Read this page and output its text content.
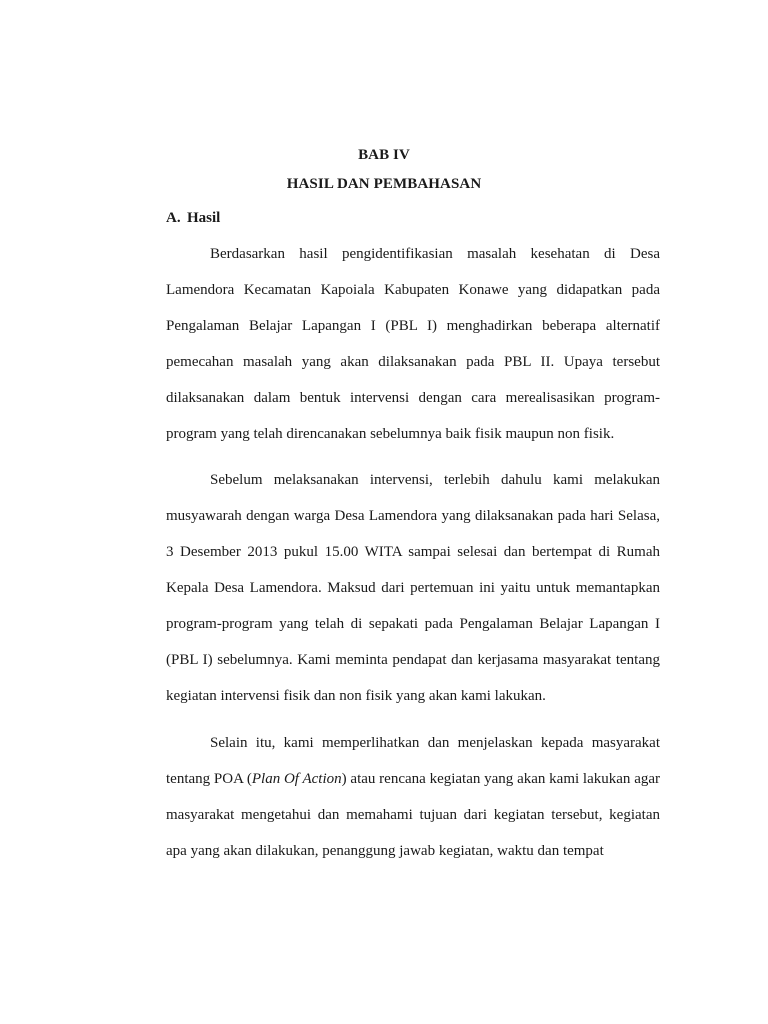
BAB IV
HASIL DAN PEMBAHASAN
A. Hasil

Berdasarkan hasil pengidentifikasian masalah kesehatan di Desa Lamendora Kecamatan Kapoiala Kabupaten Konawe yang didapatkan pada Pengalaman Belajar Lapangan I (PBL I) menghadirkan beberapa alternatif pemecahan masalah yang akan dilaksanakan pada PBL II. Upaya tersebut dilaksanakan dalam bentuk intervensi dengan cara merealisasikan program-program yang telah direncanakan sebelumnya baik fisik maupun non fisik.

Sebelum melaksanakan intervensi, terlebih dahulu kami melakukan musyawarah dengan warga Desa Lamendora yang dilaksanakan pada hari Selasa, 3 Desember 2013 pukul 15.00 WITA sampai selesai dan bertempat di Rumah Kepala Desa Lamendora. Maksud dari pertemuan ini yaitu untuk memantapkan program-program yang telah di sepakati pada Pengalaman Belajar Lapangan I (PBL I) sebelumnya. Kami meminta pendapat dan kerjasama masyarakat tentang kegiatan intervensi fisik dan non fisik yang akan kami lakukan.

Selain itu, kami memperlihatkan dan menjelaskan kepada masyarakat tentang POA (Plan Of Action) atau rencana kegiatan yang akan kami lakukan agar masyarakat mengetahui dan memahami tujuan dari kegiatan tersebut, kegiatan apa yang akan dilakukan, penanggung jawab kegiatan, waktu dan tempat
